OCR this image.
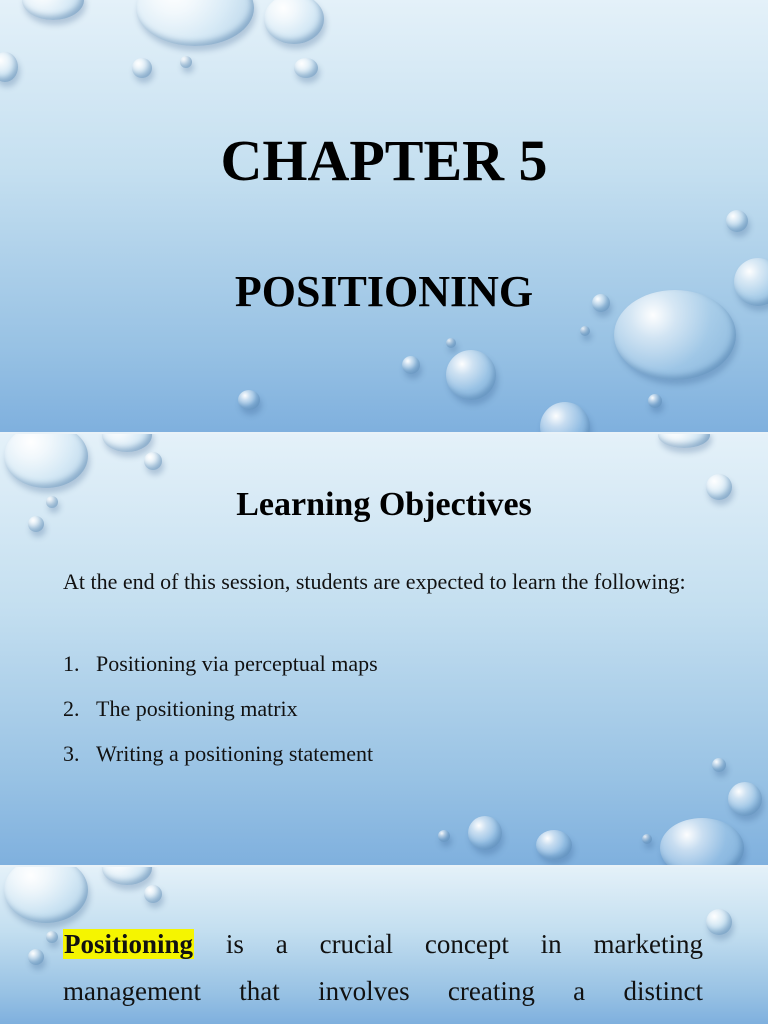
CHAPTER 5
POSITIONING
Learning Objectives
At the end of this session, students are expected to learn the following:
1. Positioning via perceptual maps
2. The positioning matrix
3. Writing a positioning statement
Positioning is a crucial concept in marketing
management that involves creating a distinct
